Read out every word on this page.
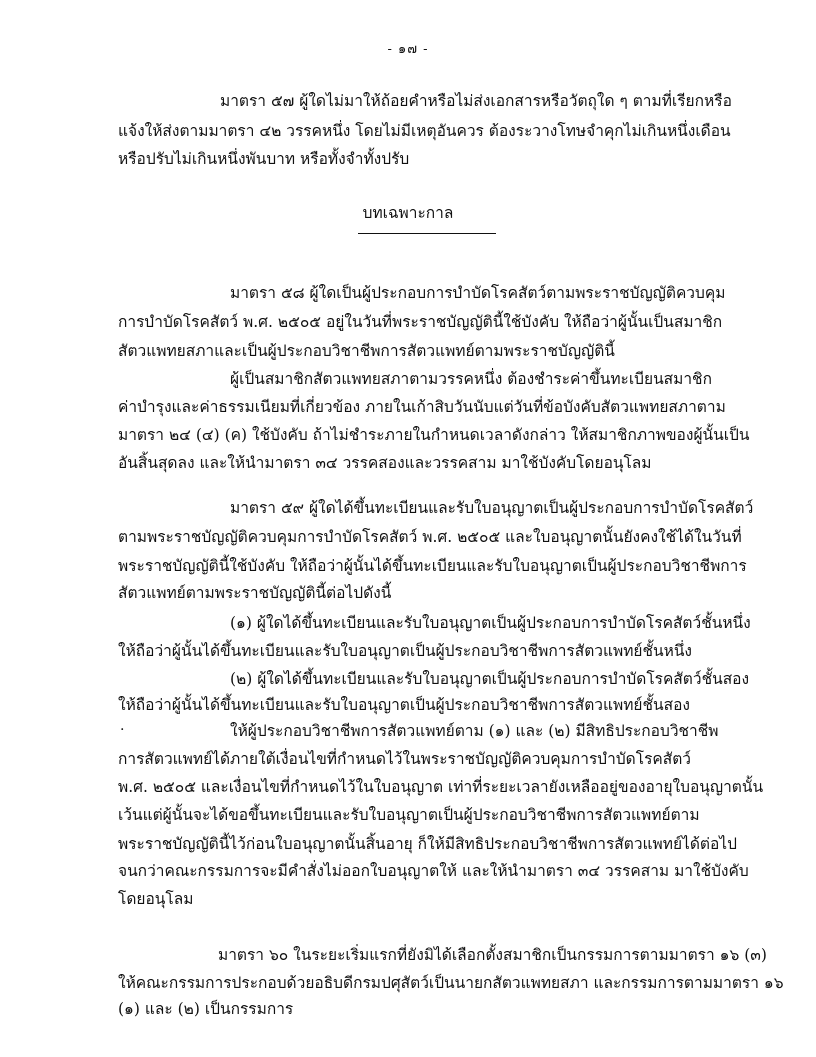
- ๑๗ -
มาตรา ๕๗ ผู้ใดไม่มาให้ถ้อยคำหรือไม่ส่งเอกสารหรือวัตถุใด ๆ ตามที่เรียกหรือ
แจ้งให้ส่งตามมาตรา ๔๒ วรรคหนึ่ง โดยไม่มีเหตุอันควร ต้องระวางโทษจำคุกไม่เกินหนึ่งเดือน
หรือปรับไม่เกินหนึ่งพันบาท หรือทั้งจำทั้งปรับ
บทเฉพาะกาล
มาตรา ๕๘ ผู้ใดเป็นผู้ประกอบการบำบัดโรคสัตว์ตามพระราชบัญญัติควบคุม
การบำบัดโรคสัตว์ พ.ศ. ๒๕๐๕ อยู่ในวันที่พระราชบัญญัตินี้ใช้บังคับ ให้ถือว่าผู้นั้นเป็นสมาชิก
สัตวแพทยสภาและเป็นผู้ประกอบวิชาชีพการสัตวแพทย์ตามพระราชบัญญัตินี้
ผู้เป็นสมาชิกสัตวแพทยสภาตามวรรคหนึ่ง ต้องชำระค่าขึ้นทะเบียนสมาชิก
ค่าบำรุงและค่าธรรมเนียมที่เกี่ยวข้อง ภายในเก้าสิบวันนับแต่วันที่ข้อบังคับสัตวแพทยสภาตาม
มาตรา ๒๔ (๔) (ค) ใช้บังคับ ถ้าไม่ชำระภายในกำหนดเวลาดังกล่าว ให้สมาชิกภาพของผู้นั้นเป็น
อันสิ้นสุดลง และให้นำมาตรา ๓๔ วรรคสองและวรรคสาม มาใช้บังคับโดยอนุโลม
มาตรา ๕๙ ผู้ใดได้ขึ้นทะเบียนและรับใบอนุญาตเป็นผู้ประกอบการบำบัดโรคสัตว์
ตามพระราชบัญญัติควบคุมการบำบัดโรคสัตว์ พ.ศ. ๒๕๐๕ และใบอนุญาตนั้นยังคงใช้ได้ในวันที่
พระราชบัญญัตินี้ใช้บังคับ ให้ถือว่าผู้นั้นได้ขึ้นทะเบียนและรับใบอนุญาตเป็นผู้ประกอบวิชาชีพการ
สัตวแพทย์ตามพระราชบัญญัตินี้ต่อไปดังนี้
(๑) ผู้ใดได้ขึ้นทะเบียนและรับใบอนุญาตเป็นผู้ประกอบการบำบัดโรคสัตว์ชั้นหนึ่ง
ให้ถือว่าผู้นั้นได้ขึ้นทะเบียนและรับใบอนุญาตเป็นผู้ประกอบวิชาชีพการสัตวแพทย์ชั้นหนึ่ง
(๒) ผู้ใดได้ขึ้นทะเบียนและรับใบอนุญาตเป็นผู้ประกอบการบำบัดโรคสัตว์ชั้นสอง
ให้ถือว่าผู้นั้นได้ขึ้นทะเบียนและรับใบอนุญาตเป็นผู้ประกอบวิชาชีพการสัตวแพทย์ชั้นสอง
.	ให้ผู้ประกอบวิชาชีพการสัตวแพทย์ตาม (๑) และ (๒) มีสิทธิประกอบวิชาชีพ
การสัตวแพทย์ได้ภายใต้เงื่อนไขที่กำหนดไว้ในพระราชบัญญัติควบคุมการบำบัดโรคสัตว์
พ.ศ. ๒๕๐๕ และเงื่อนไขที่กำหนดไว้ในใบอนุญาต เท่าที่ระยะเวลายังเหลืออยู่ของอายุใบอนุญาตนั้น
เว้นแต่ผู้นั้นจะได้ขอขึ้นทะเบียนและรับใบอนุญาตเป็นผู้ประกอบวิชาชีพการสัตวแพทย์ตาม
พระราชบัญญัตินี้ไว้ก่อนใบอนุญาตนั้นสิ้นอายุ ก็ให้มีสิทธิประกอบวิชาชีพการสัตวแพทย์ได้ต่อไป
จนกว่าคณะกรรมการจะมีคำสั่งไม่ออกใบอนุญาตให้ และให้นำมาตรา ๓๔ วรรคสาม มาใช้บังคับ
โดยอนุโลม
มาตรา ๖๐ ในระยะเริ่มแรกที่ยังมิได้เลือกตั้งสมาชิกเป็นกรรมการตามมาตรา ๑๖ (๓)
ให้คณะกรรมการประกอบด้วยอธิบดีกรมปศุสัตว์เป็นนายกสัตวแพทยสภา และกรรมการตามมาตรา ๑๖
(๑) และ (๒) เป็นกรรมการ
